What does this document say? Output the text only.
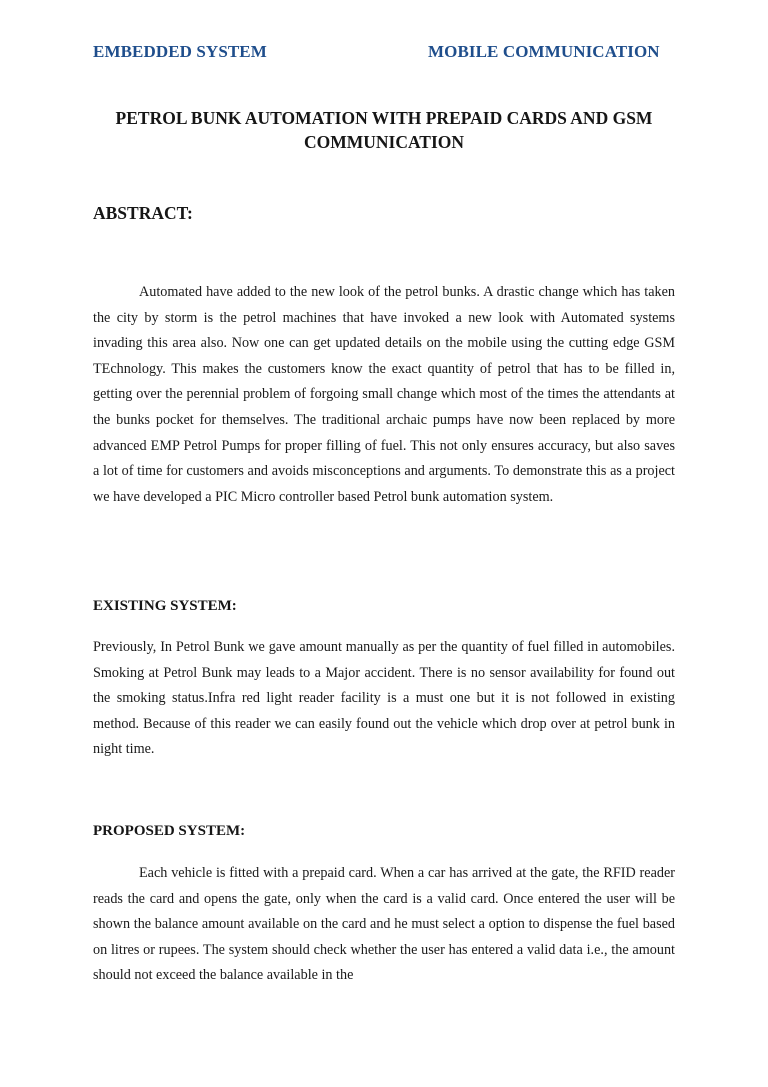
EMBEDDED SYSTEM	MOBILE COMMUNICATION
PETROL BUNK AUTOMATION WITH PREPAID CARDS AND GSM
COMMUNICATION
ABSTRACT:

Automated have added to the new look of the petrol bunks. A drastic change which has taken the city by storm is the petrol machines that have invoked a new look with Automated systems invading this area also. Now one can get updated details on the mobile using the cutting edge GSM TEchnology. This makes the customers know the exact quantity of petrol that has to be filled in, getting over the perennial problem of forgoing small change which most of the times the attendants at the bunks pocket for themselves. The traditional archaic pumps have now been replaced by more advanced EMP Petrol Pumps for proper filling of fuel. This not only ensures accuracy, but also saves a lot of time for customers and avoids misconceptions and arguments. To demonstrate this as a project we have developed a PIC Micro controller based Petrol bunk automation system.

EXISTING SYSTEM:

Previously, In Petrol Bunk we gave amount manually as per the quantity of fuel filled in automobiles. Smoking at Petrol Bunk may leads to a Major accident. There is no sensor availability for found out the smoking status.Infra red light reader facility is a must one but it is not followed in existing method. Because of this reader we can easily found out the vehicle which drop over at petrol bunk in night time.

PROPOSED SYSTEM:

Each vehicle is fitted with a prepaid card. When a car has arrived at the gate, the RFID reader reads the card and opens the gate, only when the card is a valid card. Once entered the user will be shown the balance amount available on the card and he must select a option to dispense the fuel based on litres or rupees. The system should check whether the user has entered a valid data i.e., the amount should not exceed the balance available in the
